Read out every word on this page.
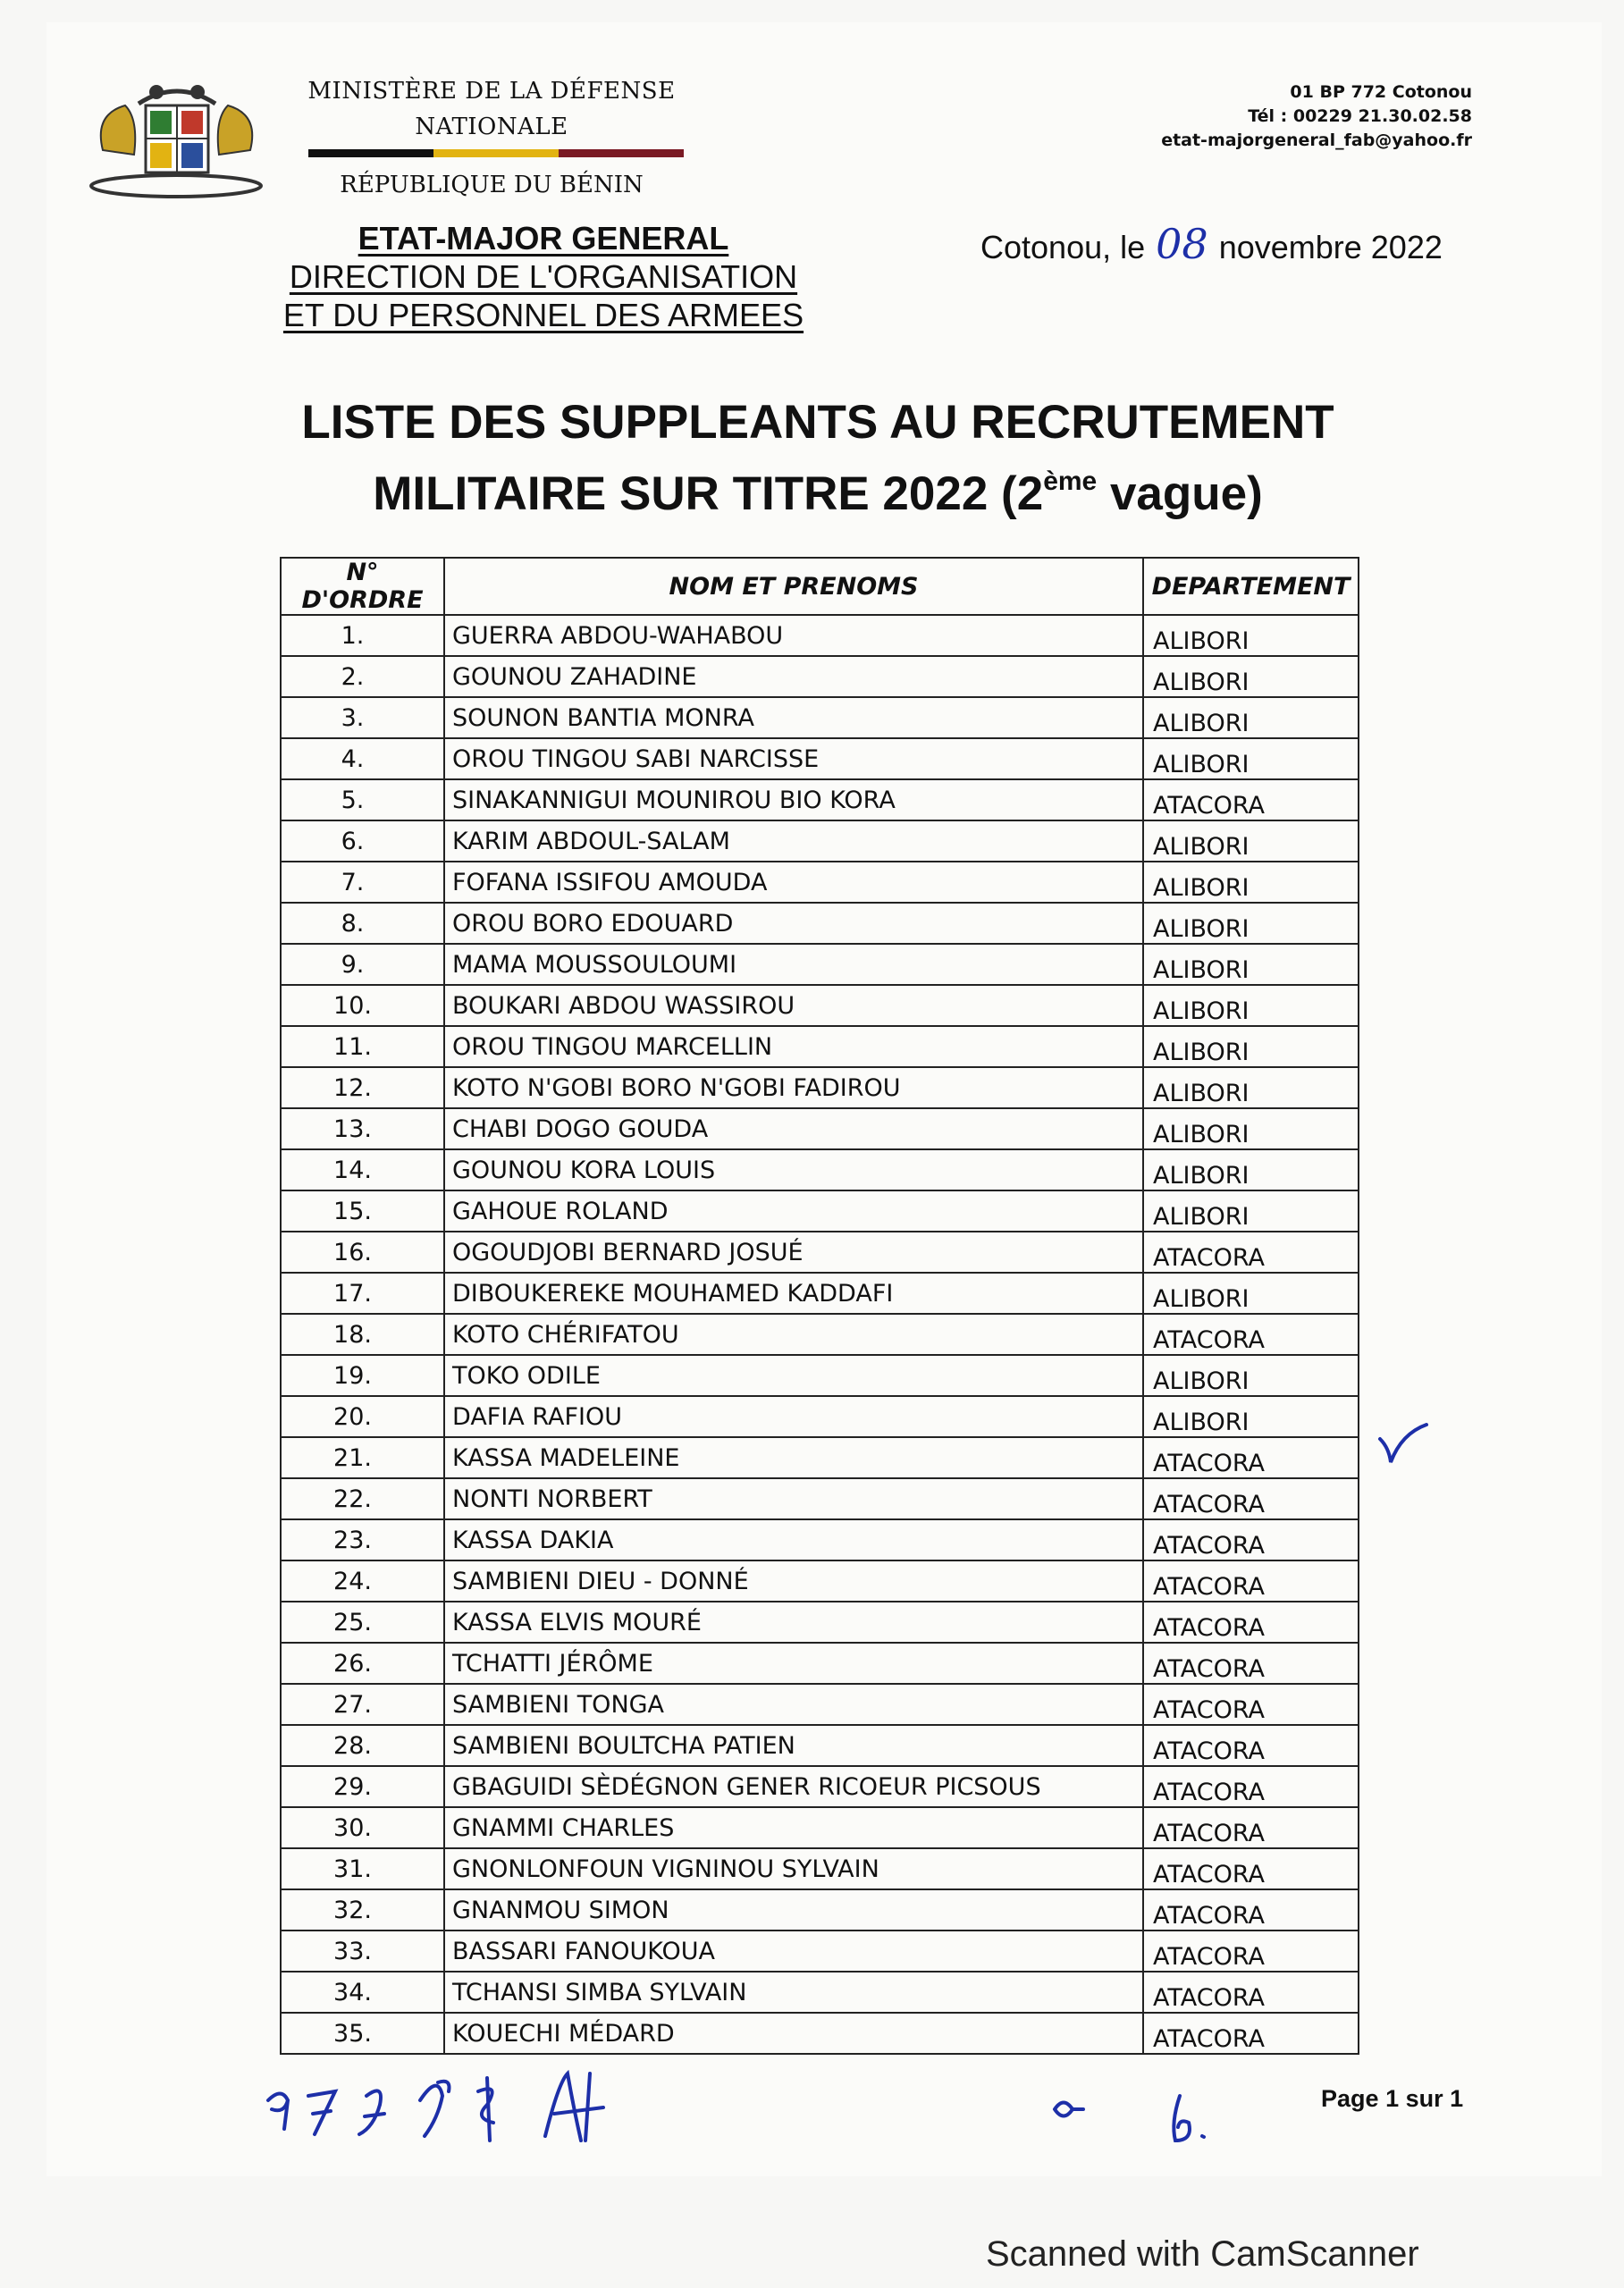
MINISTÈRE DE LA DÉFENSE
NATIONALE
RÉPUBLIQUE DU BÉNIN
01 BP 772 Cotonou
Tél : 00229 21.30.02.58
etat-majorgeneral_fab@yahoo.fr
ETAT-MAJOR GENERAL
DIRECTION DE L'ORGANISATION
ET DU PERSONNEL DES ARMEES
Cotonou, le 08 novembre 2022
LISTE DES SUPPLEANTS AU RECRUTEMENT
MILITAIRE SUR TITRE 2022 (2ème vague)
N° D'ORDRE	NOM ET PRENOMS	DEPARTEMENT
1.	GUERRA ABDOU-WAHABOU	ALIBORI
2.	GOUNOU ZAHADINE	ALIBORI
3.	SOUNON BANTIA MONRA	ALIBORI
4.	OROU TINGOU SABI NARCISSE	ALIBORI
5.	SINAKANNIGUI MOUNIROU BIO KORA	ATACORA
6.	KARIM ABDOUL-SALAM	ALIBORI
7.	FOFANA ISSIFOU AMOUDA	ALIBORI
8.	OROU BORO EDOUARD	ALIBORI
9.	MAMA MOUSSOULOUMI	ALIBORI
10.	BOUKARI ABDOU WASSIROU	ALIBORI
11.	OROU TINGOU MARCELLIN	ALIBORI
12.	KOTO N'GOBI BORO N'GOBI FADIROU	ALIBORI
13.	CHABI DOGO GOUDA	ALIBORI
14.	GOUNOU KORA LOUIS	ALIBORI
15.	GAHOUE ROLAND	ALIBORI
16.	OGOUDJOBI BERNARD JOSUÉ	ATACORA
17.	DIBOUKEREKE MOUHAMED KADDAFI	ALIBORI
18.	KOTO CHÉRIFATOU	ATACORA
19.	TOKO ODILE	ALIBORI
20.	DAFIA RAFIOU	ALIBORI
21.	KASSA MADELEINE	ATACORA
22.	NONTI NORBERT	ATACORA
23.	KASSA DAKIA	ATACORA
24.	SAMBIENI DIEU - DONNÉ	ATACORA
25.	KASSA ELVIS MOURÉ	ATACORA
26.	TCHATTI JÉRÔME	ATACORA
27.	SAMBIENI TONGA	ATACORA
28.	SAMBIENI BOULTCHA PATIEN	ATACORA
29.	GBAGUIDI SÈDÉGNON GENER RICOEUR PICSOUS	ATACORA
30.	GNAMMI CHARLES	ATACORA
31.	GNONLONFOUN VIGNINOU SYLVAIN	ATACORA
32.	GNANMOU SIMON	ATACORA
33.	BASSARI FANOUKOUA	ATACORA
34.	TCHANSI SIMBA SYLVAIN	ATACORA
35.	KOUECHI MÉDARD	ATACORA
Page 1 sur 1
Scanned with CamScanner
